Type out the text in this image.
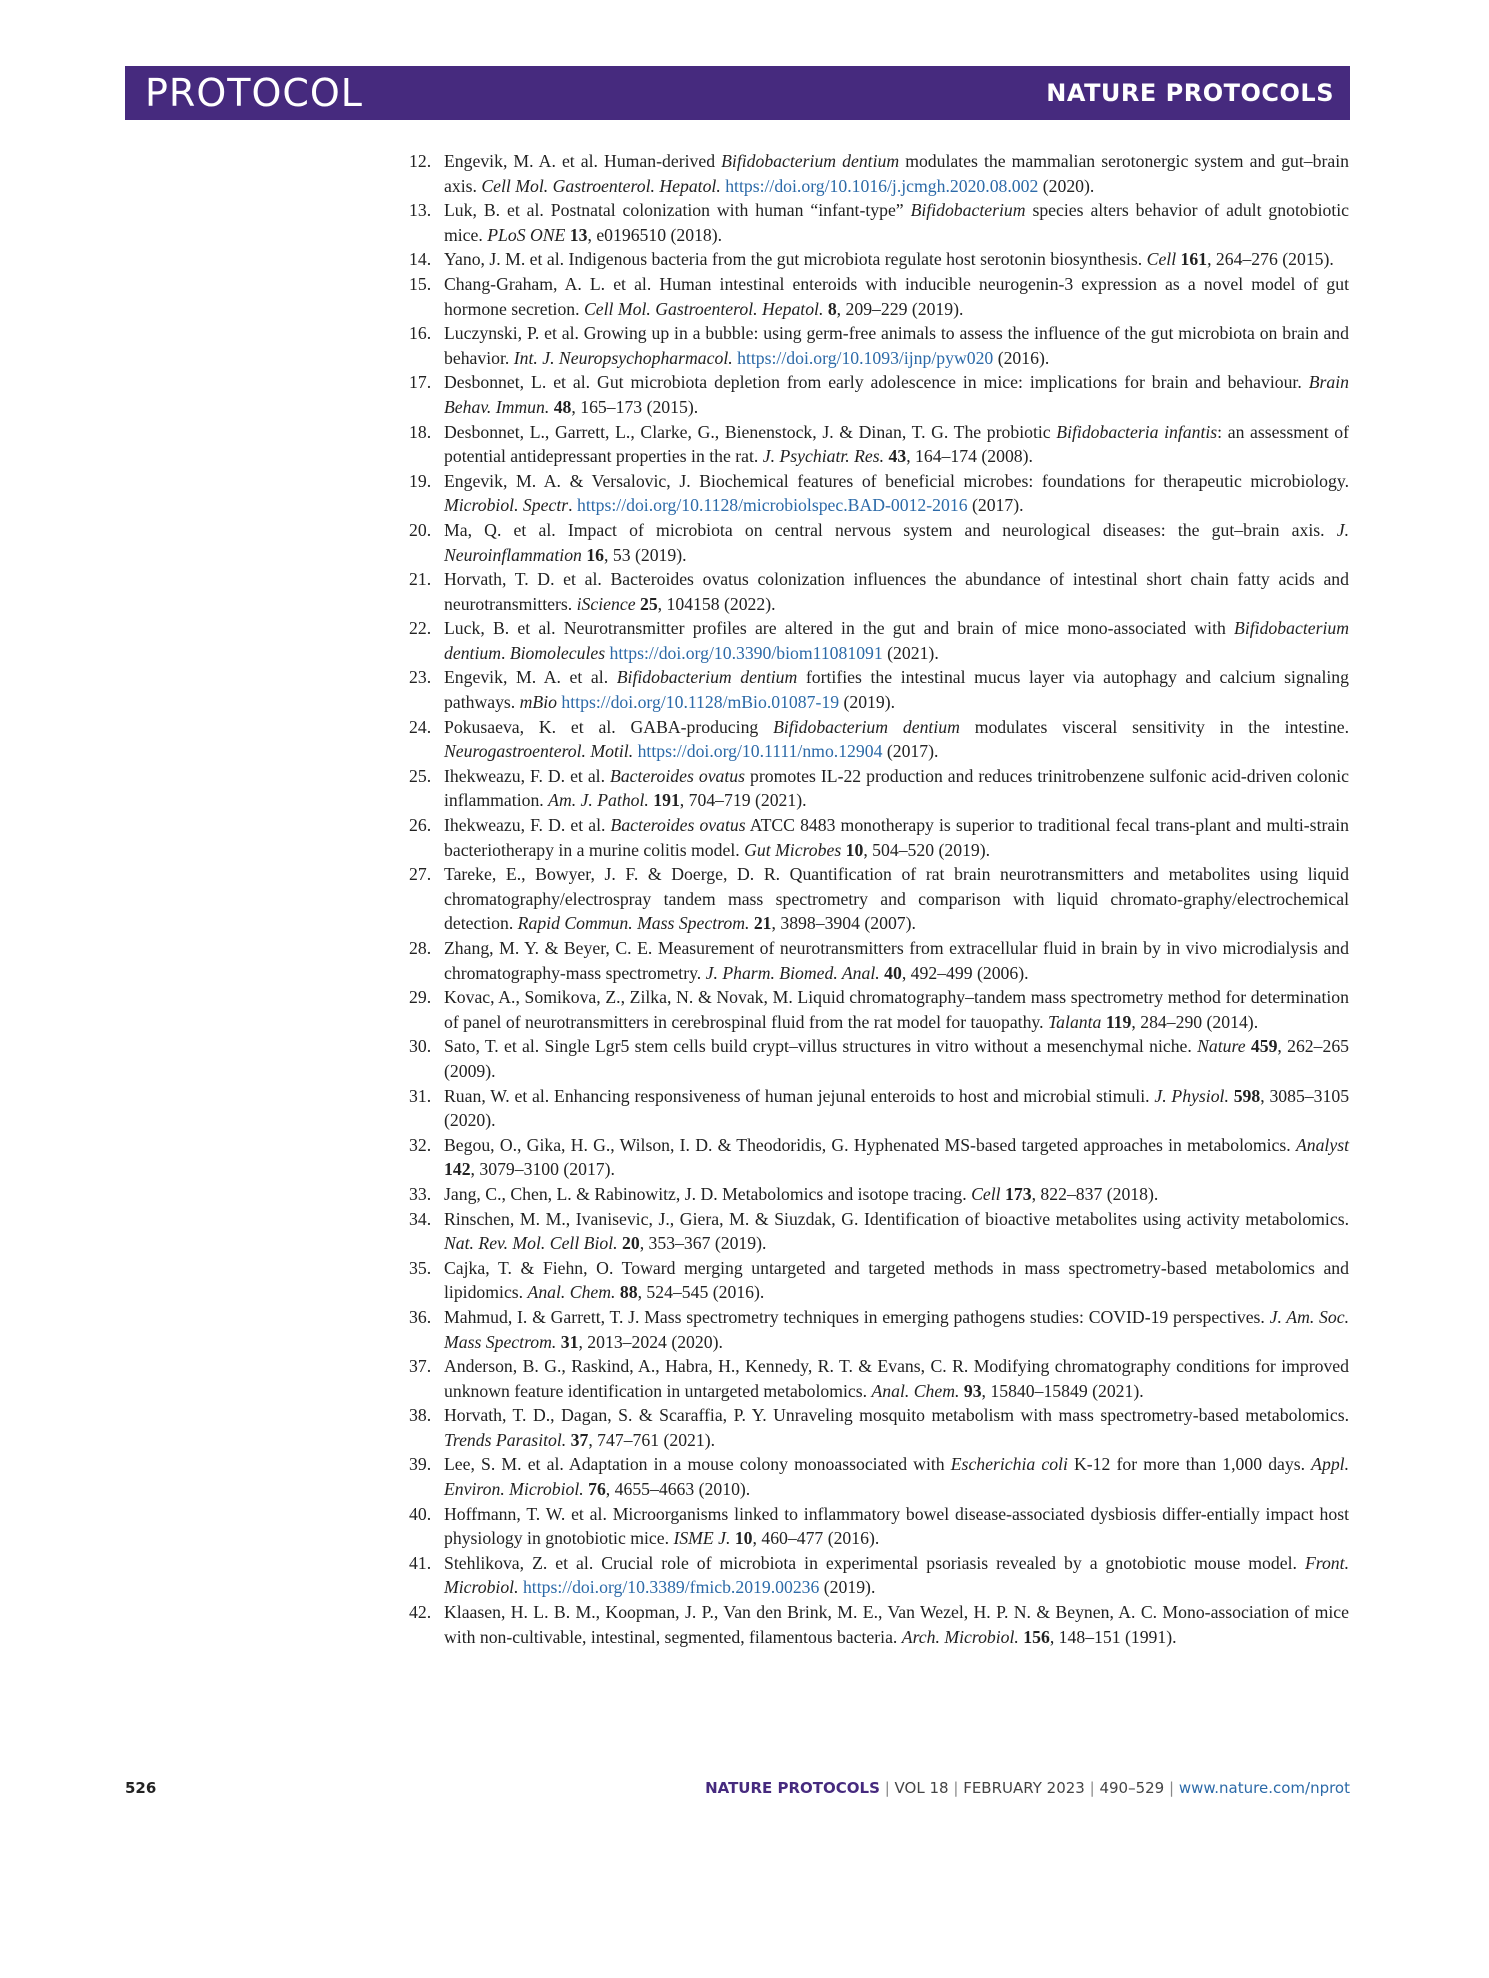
PROTOCOL	NATURE PROTOCOLS
12. Engevik, M. A. et al. Human-derived Bifidobacterium dentium modulates the mammalian serotonergic system and gut–brain axis. Cell Mol. Gastroenterol. Hepatol. https://doi.org/10.1016/j.jcmgh.2020.08.002 (2020).
13. Luk, B. et al. Postnatal colonization with human “infant-type” Bifidobacterium species alters behavior of adult gnotobiotic mice. PLoS ONE 13, e0196510 (2018).
14. Yano, J. M. et al. Indigenous bacteria from the gut microbiota regulate host serotonin biosynthesis. Cell 161, 264–276 (2015).
15. Chang-Graham, A. L. et al. Human intestinal enteroids with inducible neurogenin-3 expression as a novel model of gut hormone secretion. Cell Mol. Gastroenterol. Hepatol. 8, 209–229 (2019).
16. Luczynski, P. et al. Growing up in a bubble: using germ-free animals to assess the influence of the gut microbiota on brain and behavior. Int. J. Neuropsychopharmacol. https://doi.org/10.1093/ijnp/pyw020 (2016).
17. Desbonnet, L. et al. Gut microbiota depletion from early adolescence in mice: implications for brain and behaviour. Brain Behav. Immun. 48, 165–173 (2015).
18. Desbonnet, L., Garrett, L., Clarke, G., Bienenstock, J. & Dinan, T. G. The probiotic Bifidobacteria infantis: an assessment of potential antidepressant properties in the rat. J. Psychiatr. Res. 43, 164–174 (2008).
19. Engevik, M. A. & Versalovic, J. Biochemical features of beneficial microbes: foundations for therapeutic microbiology. Microbiol. Spectr. https://doi.org/10.1128/microbiolspec.BAD-0012-2016 (2017).
20. Ma, Q. et al. Impact of microbiota on central nervous system and neurological diseases: the gut–brain axis. J. Neuroinflammation 16, 53 (2019).
21. Horvath, T. D. et al. Bacteroides ovatus colonization influences the abundance of intestinal short chain fatty acids and neurotransmitters. iScience 25, 104158 (2022).
22. Luck, B. et al. Neurotransmitter profiles are altered in the gut and brain of mice mono-associated with Bifidobacterium dentium. Biomolecules https://doi.org/10.3390/biom11081091 (2021).
23. Engevik, M. A. et al. Bifidobacterium dentium fortifies the intestinal mucus layer via autophagy and calcium signaling pathways. mBio https://doi.org/10.1128/mBio.01087-19 (2019).
24. Pokusaeva, K. et al. GABA-producing Bifidobacterium dentium modulates visceral sensitivity in the intestine. Neurogastroenterol. Motil. https://doi.org/10.1111/nmo.12904 (2017).
25. Ihekweazu, F. D. et al. Bacteroides ovatus promotes IL-22 production and reduces trinitrobenzene sulfonic acid-driven colonic inflammation. Am. J. Pathol. 191, 704–719 (2021).
26. Ihekweazu, F. D. et al. Bacteroides ovatus ATCC 8483 monotherapy is superior to traditional fecal trans-plant and multi-strain bacteriotherapy in a murine colitis model. Gut Microbes 10, 504–520 (2019).
27. Tareke, E., Bowyer, J. F. & Doerge, D. R. Quantification of rat brain neurotransmitters and metabolites using liquid chromatography/electrospray tandem mass spectrometry and comparison with liquid chromato-graphy/electrochemical detection. Rapid Commun. Mass Spectrom. 21, 3898–3904 (2007).
28. Zhang, M. Y. & Beyer, C. E. Measurement of neurotransmitters from extracellular fluid in brain by in vivo microdialysis and chromatography-mass spectrometry. J. Pharm. Biomed. Anal. 40, 492–499 (2006).
29. Kovac, A., Somikova, Z., Zilka, N. & Novak, M. Liquid chromatography–tandem mass spectrometry method for determination of panel of neurotransmitters in cerebrospinal fluid from the rat model for tauopathy. Talanta 119, 284–290 (2014).
30. Sato, T. et al. Single Lgr5 stem cells build crypt–villus structures in vitro without a mesenchymal niche. Nature 459, 262–265 (2009).
31. Ruan, W. et al. Enhancing responsiveness of human jejunal enteroids to host and microbial stimuli. J. Physiol. 598, 3085–3105 (2020).
32. Begou, O., Gika, H. G., Wilson, I. D. & Theodoridis, G. Hyphenated MS-based targeted approaches in metabolomics. Analyst 142, 3079–3100 (2017).
33. Jang, C., Chen, L. & Rabinowitz, J. D. Metabolomics and isotope tracing. Cell 173, 822–837 (2018).
34. Rinschen, M. M., Ivanisevic, J., Giera, M. & Siuzdak, G. Identification of bioactive metabolites using activity metabolomics. Nat. Rev. Mol. Cell Biol. 20, 353–367 (2019).
35. Cajka, T. & Fiehn, O. Toward merging untargeted and targeted methods in mass spectrometry-based metabolomics and lipidomics. Anal. Chem. 88, 524–545 (2016).
36. Mahmud, I. & Garrett, T. J. Mass spectrometry techniques in emerging pathogens studies: COVID-19 perspectives. J. Am. Soc. Mass Spectrom. 31, 2013–2024 (2020).
37. Anderson, B. G., Raskind, A., Habra, H., Kennedy, R. T. & Evans, C. R. Modifying chromatography conditions for improved unknown feature identification in untargeted metabolomics. Anal. Chem. 93, 15840–15849 (2021).
38. Horvath, T. D., Dagan, S. & Scaraffia, P. Y. Unraveling mosquito metabolism with mass spectrometry-based metabolomics. Trends Parasitol. 37, 747–761 (2021).
39. Lee, S. M. et al. Adaptation in a mouse colony monoassociated with Escherichia coli K-12 for more than 1,000 days. Appl. Environ. Microbiol. 76, 4655–4663 (2010).
40. Hoffmann, T. W. et al. Microorganisms linked to inflammatory bowel disease-associated dysbiosis differ-entially impact host physiology in gnotobiotic mice. ISME J. 10, 460–477 (2016).
41. Stehlikova, Z. et al. Crucial role of microbiota in experimental psoriasis revealed by a gnotobiotic mouse model. Front. Microbiol. https://doi.org/10.3389/fmicb.2019.00236 (2019).
42. Klaasen, H. L. B. M., Koopman, J. P., Van den Brink, M. E., Van Wezel, H. P. N. & Beynen, A. C. Mono-association of mice with non-cultivable, intestinal, segmented, filamentous bacteria. Arch. Microbiol. 156, 148–151 (1991).
526	NATURE PROTOCOLS | VOL 18 | FEBRUARY 2023 | 490–529 | www.nature.com/nprot
